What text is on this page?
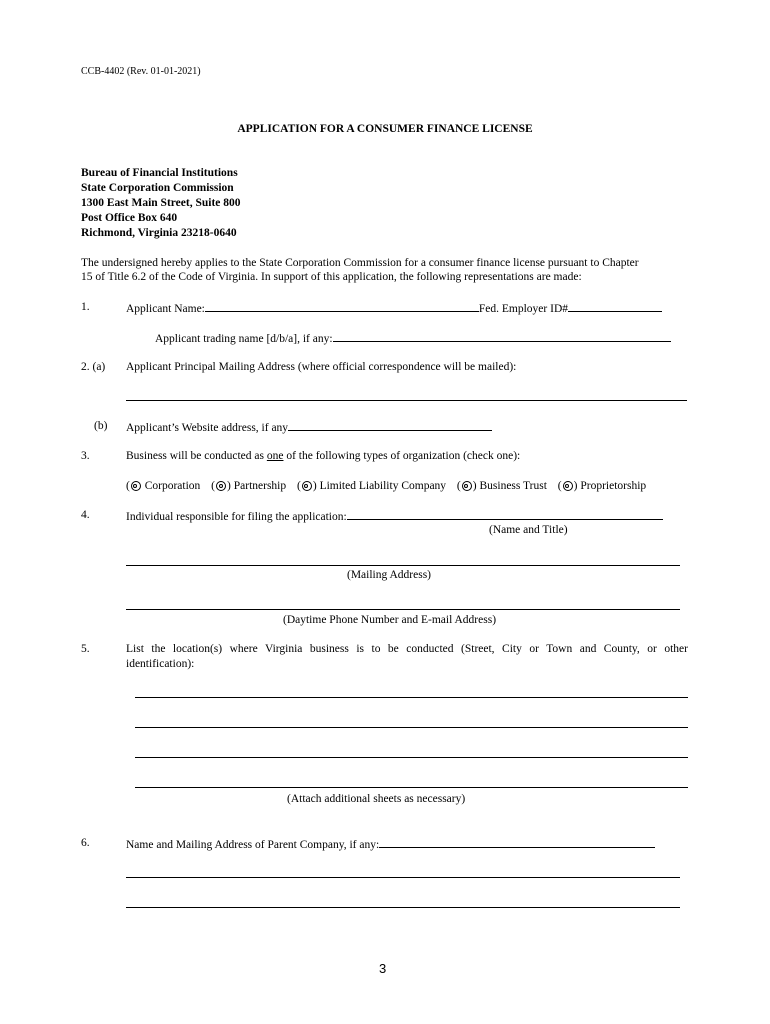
CCB-4402 (Rev. 01-01-2021)
APPLICATION FOR A CONSUMER FINANCE LICENSE
Bureau of Financial Institutions
State Corporation Commission
1300 East Main Street, Suite 800
Post Office Box 640
Richmond, Virginia 23218-0640
The undersigned hereby applies to the State Corporation Commission for a consumer finance license pursuant to Chapter
15 of Title 6.2 of the Code of Virginia. In support of this application, the following representations are made:
1.	Applicant Name:	Fed. Employer ID#
Applicant trading name [d/b/a], if any:
2. (a) Applicant Principal Mailing Address (where official correspondence will be mailed):
(b) Applicant’s Website address, if any
3.	Business will be conducted as one of the following types of organization (check one):
( Corporation ( ) Partnership ( ) Limited Liability Company ( ) Business Trust ( ) Proprietorship
4.	Individual responsible for filing the application:
(Name and Title)
(Mailing Address)
(Daytime Phone Number and E-mail Address)
5.	List the location(s) where Virginia business is to be conducted (Street, City or Town and County, or other
identification):
(Attach additional sheets as necessary)
6.	Name and Mailing Address of Parent Company, if any:
3
